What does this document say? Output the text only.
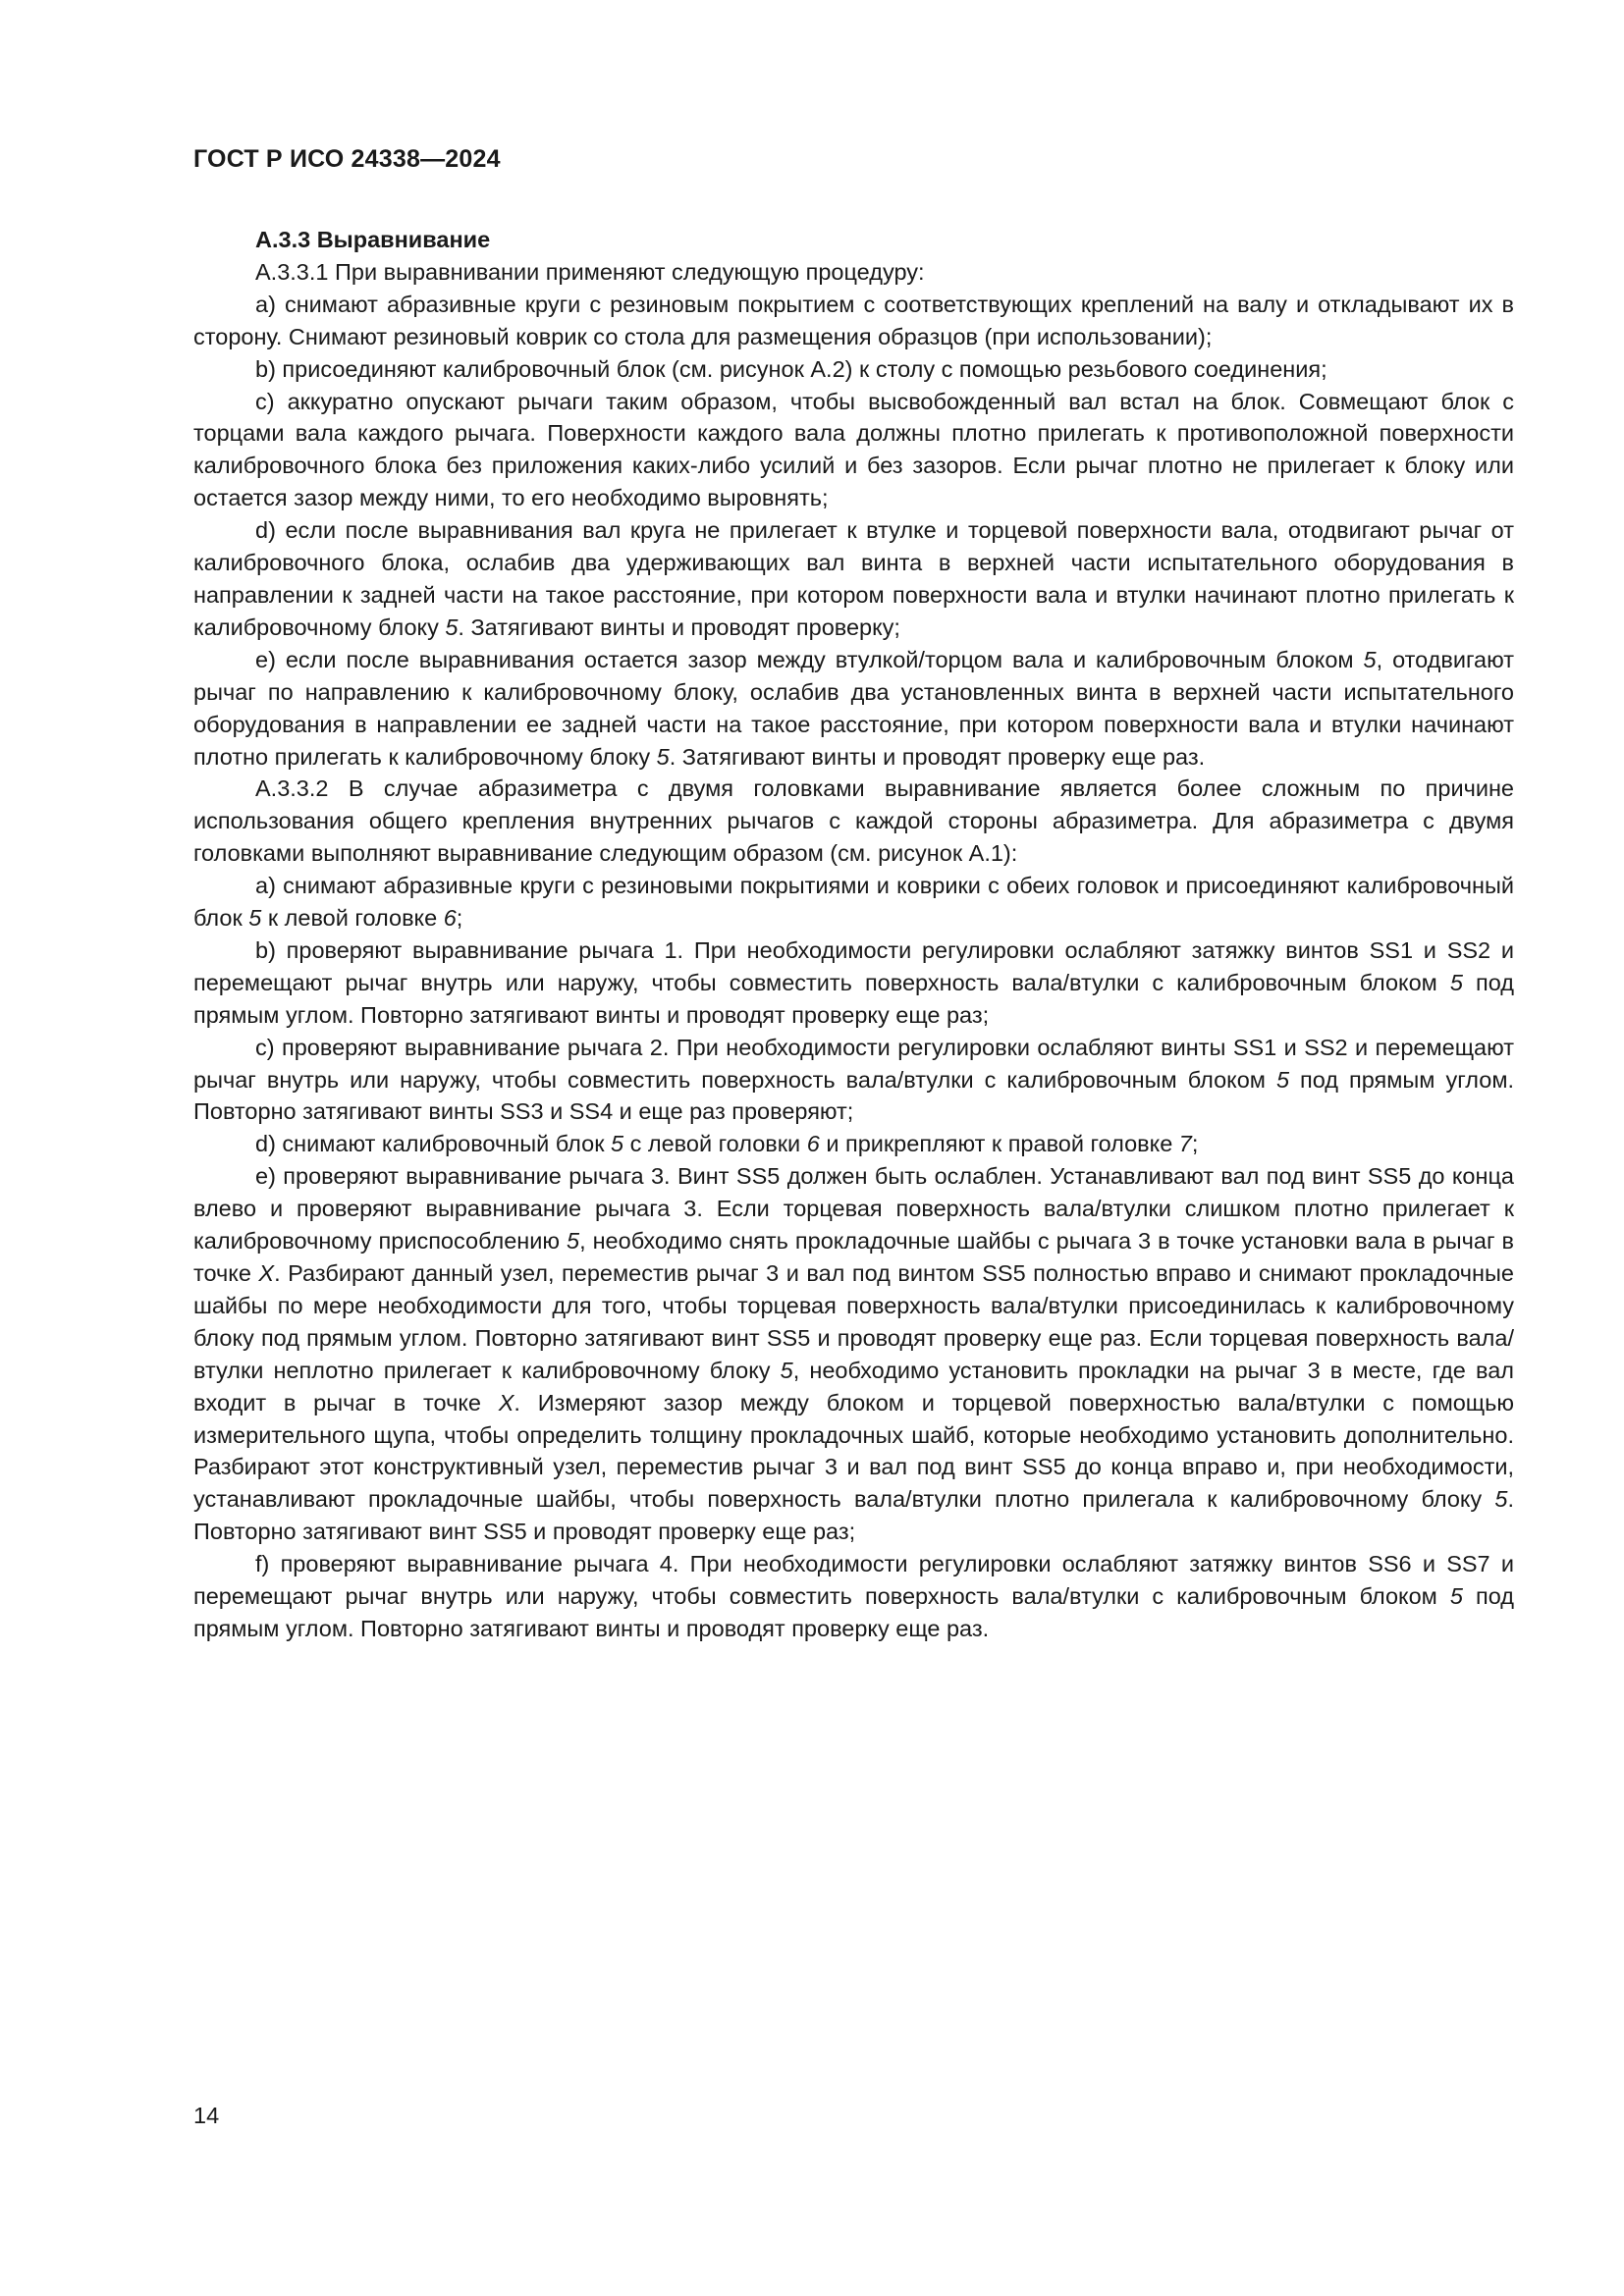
ГОСТ Р ИСО 24338—2024

А.3.3 Выравнивание

А.3.3.1 При выравнивании применяют следующую процедуру:

a) снимают абразивные круги с резиновым покрытием с соответствующих креплений на валу и откладывают их в сторону. Снимают резиновый коврик со стола для размещения образцов (при использовании);

b) присоединяют калибровочный блок (см. рисунок А.2) к столу с помощью резьбового соединения;

c) аккуратно опускают рычаги таким образом, чтобы высвобожденный вал встал на блок. Совмещают блок с торцами вала каждого рычага. Поверхности каждого вала должны плотно прилегать к противоположной поверхности калибровочного блока без приложения каких-либо усилий и без зазоров. Если рычаг плотно не прилегает к блоку или остается зазор между ними, то его необходимо выровнять;

d) если после выравнивания вал круга не прилегает к втулке и торцевой поверхности вала, отодвигают рычаг от калибровочного блока, ослабив два удерживающих вал винта в верхней части испытательного оборудования в направлении к задней части на такое расстояние, при котором поверхности вала и втулки начинают плотно прилегать к калибровочному блоку 5. Затягивают винты и проводят проверку;

e) если после выравнивания остается зазор между втулкой/торцом вала и калибровочным блоком 5, отодвигают рычаг по направлению к калибровочному блоку, ослабив два установленных винта в верхней части испытательного оборудования в направлении ее задней части на такое расстояние, при котором поверхности вала и втулки начинают плотно прилегать к калибровочному блоку 5. Затягивают винты и проводят проверку еще раз.

А.3.3.2 В случае абразиметра с двумя головками выравнивание является более сложным по причине использования общего крепления внутренних рычагов с каждой стороны абразиметра. Для абразиметра с двумя головками выполняют выравнивание следующим образом (см. рисунок А.1):

a) снимают абразивные круги с резиновыми покрытиями и коврики с обеих головок и присоединяют калибровочный блок 5 к левой головке 6;

b) проверяют выравнивание рычага 1. При необходимости регулировки ослабляют затяжку винтов SS1 и SS2 и перемещают рычаг внутрь или наружу, чтобы совместить поверхность вала/втулки с калибровочным блоком 5 под прямым углом. Повторно затягивают винты и проводят проверку еще раз;

c) проверяют выравнивание рычага 2. При необходимости регулировки ослабляют винты SS1 и SS2 и перемещают рычаг внутрь или наружу, чтобы совместить поверхность вала/втулки с калибровочным блоком 5 под прямым углом. Повторно затягивают винты SS3 и SS4 и еще раз проверяют;

d) снимают калибровочный блок 5 с левой головки 6 и прикрепляют к правой головке 7;

e) проверяют выравнивание рычага 3. Винт SS5 должен быть ослаблен. Устанавливают вал под винт SS5 до конца влево и проверяют выравнивание рычага 3. Если торцевая поверхность вала/втулки слишком плотно прилегает к калибровочному приспособлению 5, необходимо снять прокладочные шайбы с рычага 3 в точке установки вала в рычаг в точке X. Разбирают данный узел, переместив рычаг 3 и вал под винтом SS5 полностью вправо и снимают прокладочные шайбы по мере необходимости для того, чтобы торцевая поверхность вала/втулки присоединилась к калибровочному блоку под прямым углом. Повторно затягивают винт SS5 и проводят проверку еще раз. Если торцевая поверхность вала/втулки неплотно прилегает к калибровочному блоку 5, необходимо установить прокладки на рычаг 3 в месте, где вал входит в рычаг в точке X. Измеряют зазор между блоком и торцевой поверхностью вала/втулки с помощью измерительного щупа, чтобы определить толщину прокладочных шайб, которые необходимо установить дополнительно. Разбирают этот конструктивный узел, переместив рычаг 3 и вал под винт SS5 до конца вправо и, при необходимости, устанавливают прокладочные шайбы, чтобы поверхность вала/втулки плотно прилегала к калибровочному блоку 5. Повторно затягивают винт SS5 и проводят проверку еще раз;

f) проверяют выравнивание рычага 4. При необходимости регулировки ослабляют затяжку винтов SS6 и SS7 и перемещают рычаг внутрь или наружу, чтобы совместить поверхность вала/втулки с калибровочным блоком 5 под прямым углом. Повторно затягивают винты и проводят проверку еще раз.

14
